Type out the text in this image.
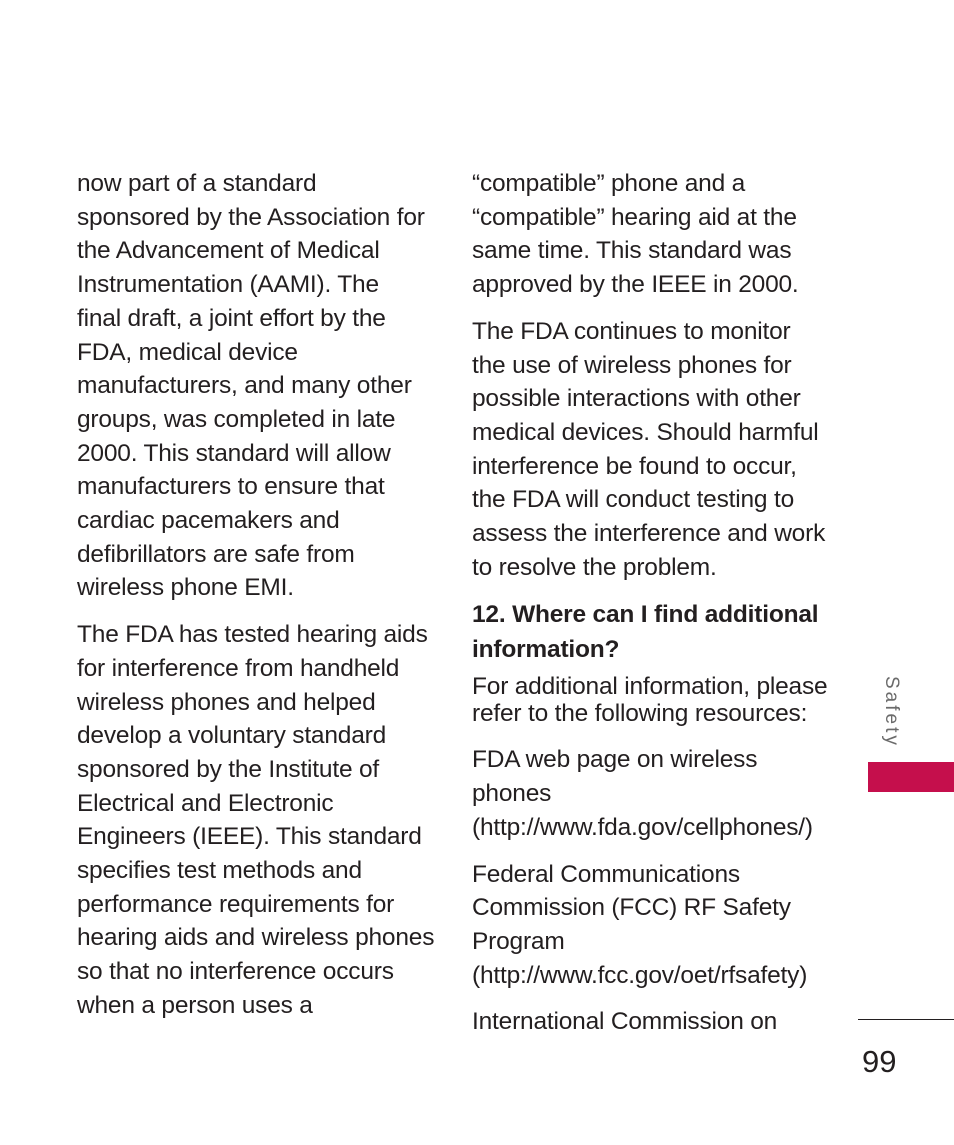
now part of a standard
sponsored by the Association for
the Advancement of Medical
Instrumentation (AAMI). The
final draft, a joint effort by the
FDA, medical device
manufacturers, and many other
groups, was completed in late
2000. This standard will allow
manufacturers to ensure that
cardiac pacemakers and
defibrillators are safe from
wireless phone EMI.

The FDA has tested hearing aids
for interference from handheld
wireless phones and helped
develop a voluntary standard
sponsored by the Institute of
Electrical and Electronic
Engineers (IEEE). This standard
specifies test methods and
performance requirements for
hearing aids and wireless phones
so that no interference occurs
when a person uses a

“compatible” phone and a
“compatible” hearing aid at the
same time. This standard was
approved by the IEEE in 2000.

The FDA continues to monitor
the use of wireless phones for
possible interactions with other
medical devices. Should harmful
interference be found to occur,
the FDA will conduct testing to
assess the interference and work
to resolve the problem.

12. Where can I find additional
information?

For additional information, please
refer to the following resources:

FDA web page on wireless
phones
(http://www.fda.gov/cellphones/)

Federal Communications
Commission (FCC) RF Safety
Program
(http://www.fcc.gov/oet/rfsafety)

International Commission on

Safety
99
